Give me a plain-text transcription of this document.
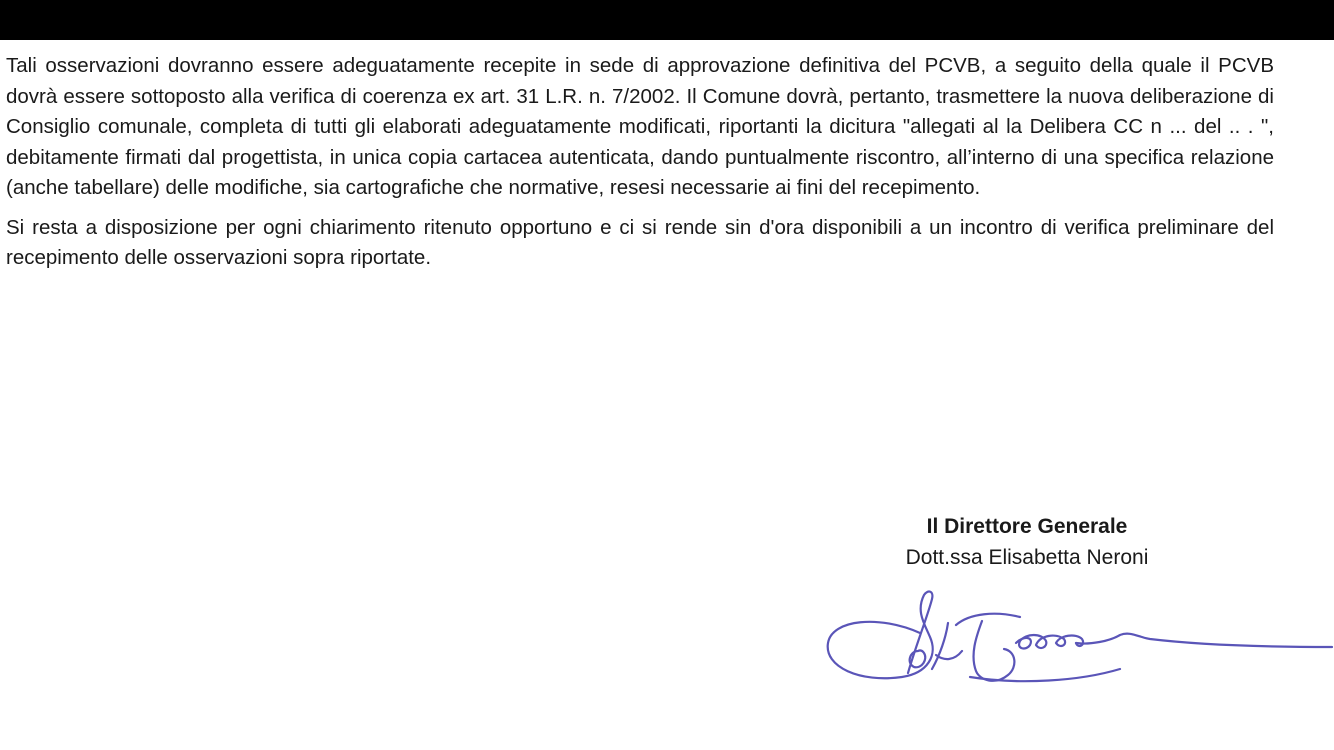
Tali osservazioni dovranno essere adeguatamente recepite in sede di approvazione definitiva del PCVB, a seguito della quale il PCVB dovrà essere sottoposto alla verifica di coerenza ex art. 31 L.R. n. 7/2002. Il Comune dovrà, pertanto, trasmettere la nuova deliberazione di Consiglio comunale, completa di tutti gli elaborati adeguatamente modificati, riportanti la dicitura "allegati al la Delibera CC n ... del .. . ", debitamente firmati dal progettista, in unica copia cartacea autenticata, dando puntualmente riscontro, all’interno di una specifica relazione (anche tabellare) delle modifiche, sia cartografiche che normative, resesi necessarie ai fini del recepimento.

Si resta a disposizione per ogni chiarimento ritenuto opportuno e ci si rende sin d'ora disponibili a un incontro di verifica preliminare del recepimento delle osservazioni sopra riportate.

Il Direttore Generale
Dott.ssa Elisabetta Neroni
